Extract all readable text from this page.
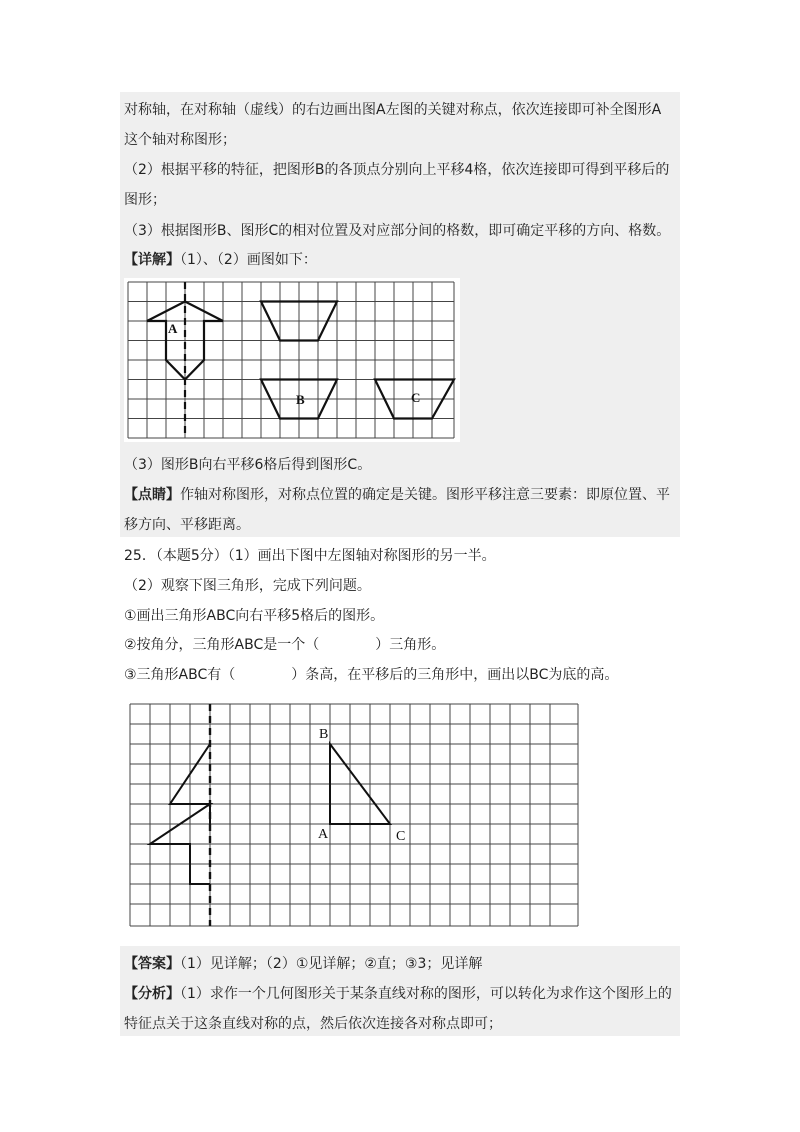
对称轴，在对称轴（虚线）的右边画出图A左图的关键对称点，依次连接即可补全图形A
这个轴对称图形；
（2）根据平移的特征，把图形B的各顶点分别向上平移4格，依次连接即可得到平移后的
图形；
（3）根据图形B、图形C的相对位置及对应部分间的格数，即可确定平移的方向、格数。
【详解】（1）、（2）画图如下：
A
B	C
（3）图形B向右平移6格后得到图形C。
【点睛】作轴对称图形，对称点位置的确定是关键。图形平移注意三要素：即原位置、平
移方向、平移距离。
25．（本题5分）（1）画出下图中左图轴对称图形的另一半。
（2）观察下图三角形，完成下列问题。
①画出三角形ABC向右平移5格后的图形。
②按角分，三角形ABC是一个（　　　　）三角形。
③三角形ABC有（　　　　）条高，在平移后的三角形中，画出以BC为底的高。
B
A	C
【答案】（1）见详解；（2）①见详解；②直；③3；见详解
【分析】（1）求作一个几何图形关于某条直线对称的图形，可以转化为求作这个图形上的
特征点关于这条直线对称的点，然后依次连接各对称点即可；
